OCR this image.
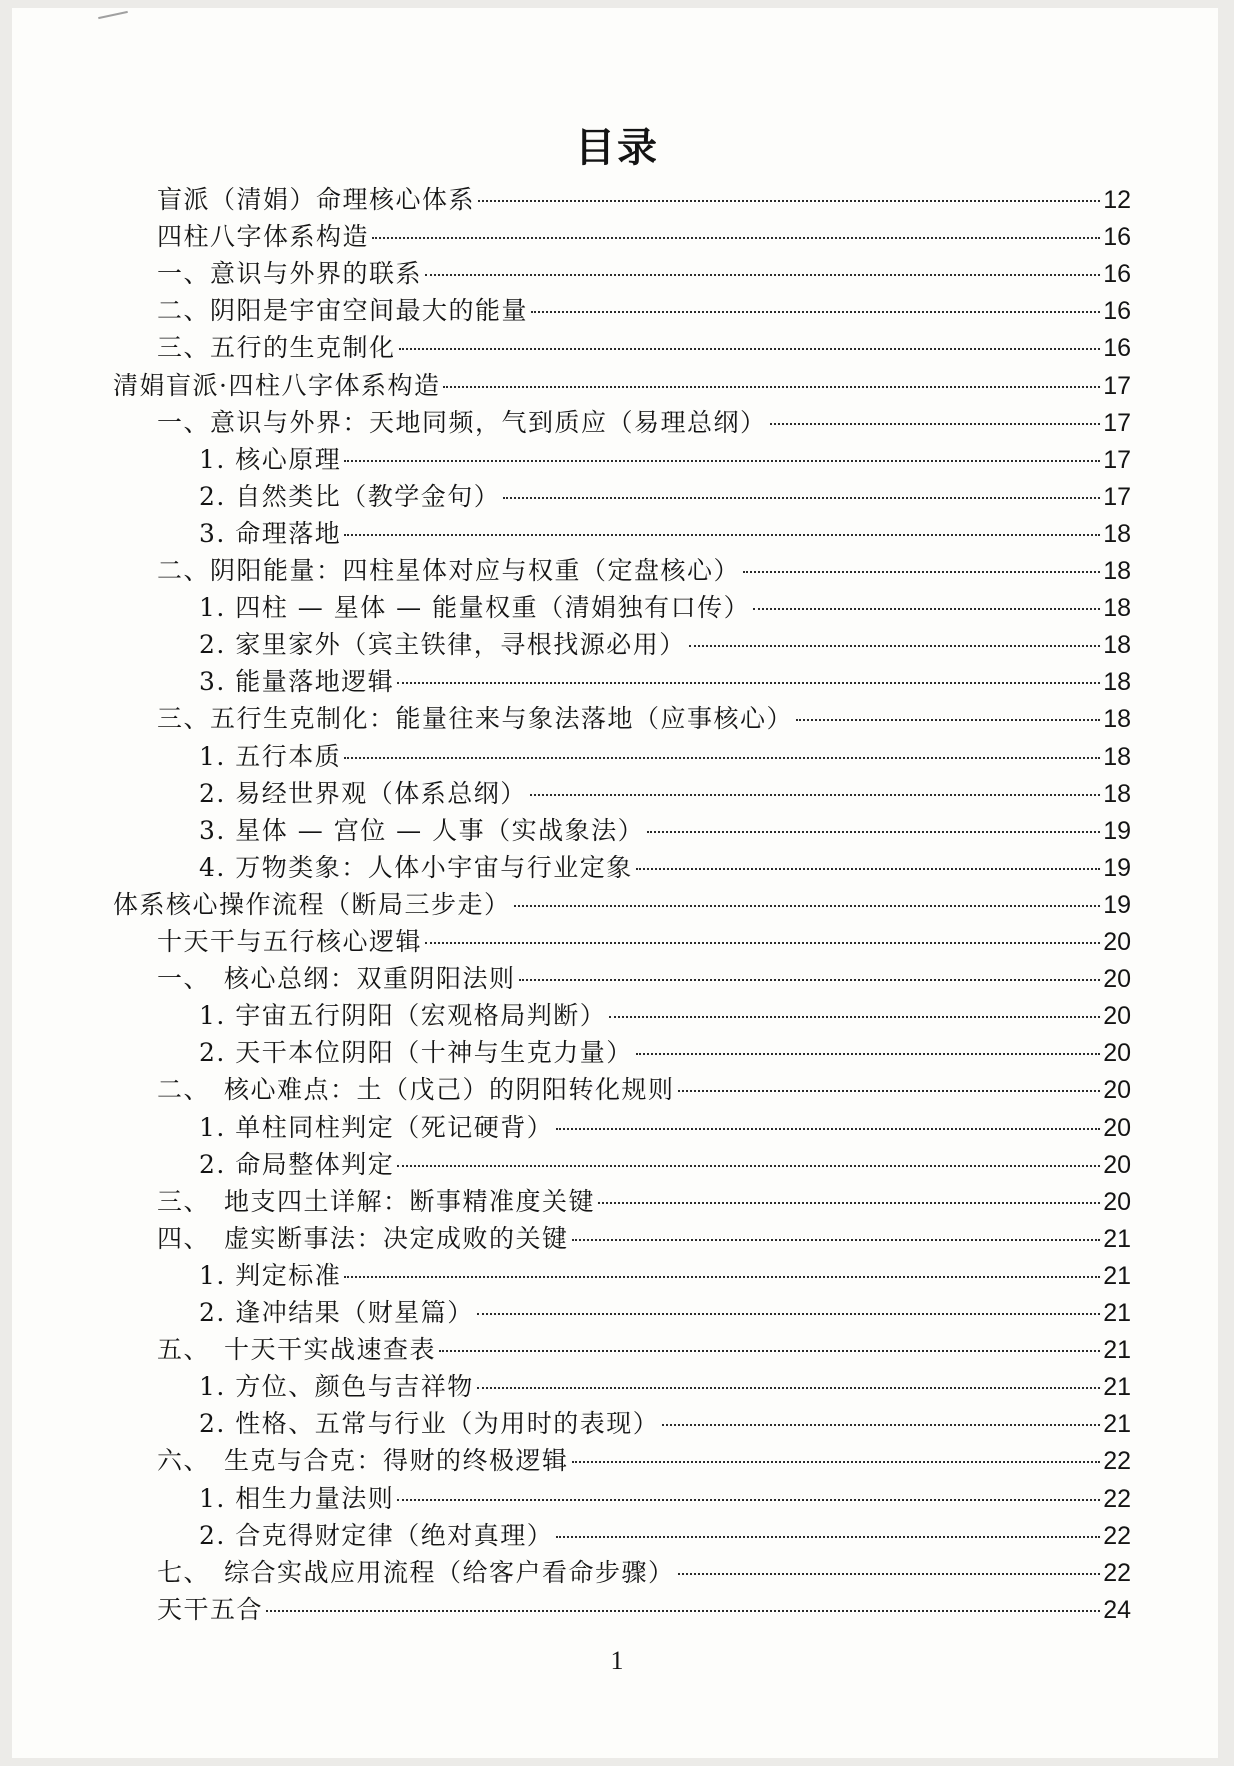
目录
盲派（清娟）命理核心体系	12
四柱八字体系构造	16
一、意识与外界的联系	16
二、阴阳是宇宙空间最大的能量	16
三、五行的生克制化	16
清娟盲派·四柱八字体系构造	17
一、意识与外界：天地同频，气到质应（易理总纲）	17
1. 核心原理	17
2. 自然类比（教学金句）	17
3. 命理落地	18
二、阴阳能量：四柱星体对应与权重（定盘核心）	18
1. 四柱 — 星体 — 能量权重（清娟独有口传）	18
2. 家里家外（宾主铁律，寻根找源必用）	18
3. 能量落地逻辑	18
三、五行生克制化：能量往来与象法落地（应事核心）	18
1. 五行本质	18
2. 易经世界观（体系总纲）	18
3. 星体 — 宫位 — 人事（实战象法）	19
4. 万物类象：人体小宇宙与行业定象	19
体系核心操作流程（断局三步走）	19
十天干与五行核心逻辑	20
一、　核心总纲：双重阴阳法则	20
1. 宇宙五行阴阳（宏观格局判断）	20
2. 天干本位阴阳（十神与生克力量）	20
二、　核心难点：土（戊己）的阴阳转化规则	20
1. 单柱同柱判定（死记硬背）	20
2. 命局整体判定	20
三、　地支四土详解：断事精准度关键	20
四、　虚实断事法：决定成败的关键	21
1. 判定标准	21
2. 逢冲结果（财星篇）	21
五、　十天干实战速查表	21
1. 方位、颜色与吉祥物	21
2. 性格、五常与行业（为用时的表现）	21
六、　生克与合克：得财的终极逻辑	22
1. 相生力量法则	22
2. 合克得财定律（绝对真理）	22
七、　综合实战应用流程（给客户看命步骤）	22
天干五合	24
1
